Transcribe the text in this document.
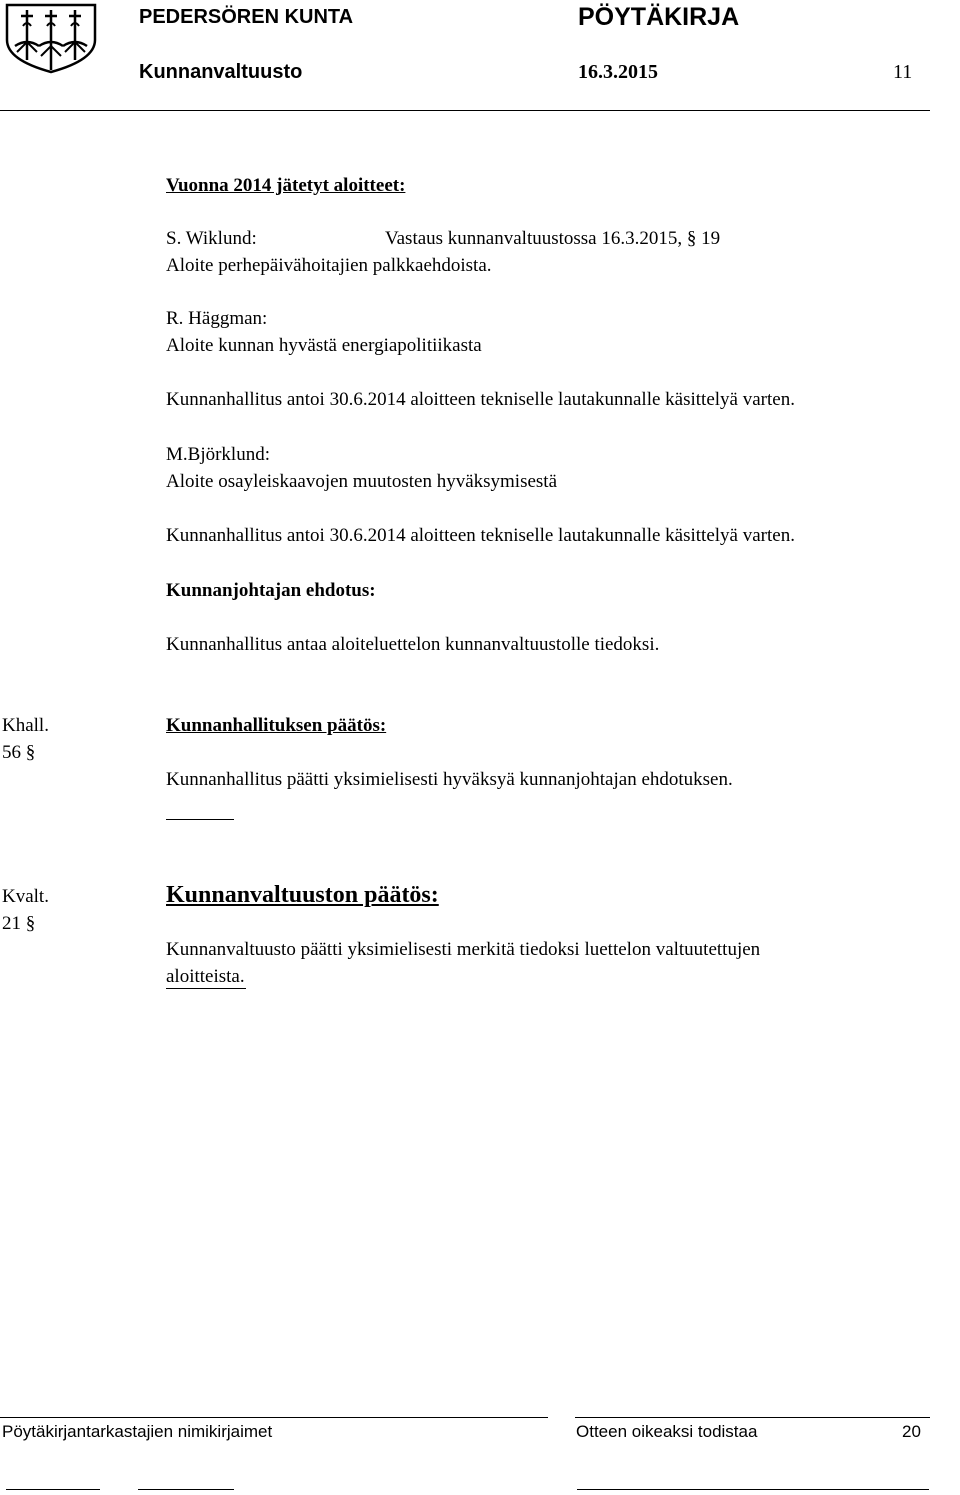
PEDERSÖREN KUNTA	PÖYTÄKIRJA
Kunnanvaltuusto	16.3.2015	11
Vuonna 2014 jätetyt aloitteet:
S. Wiklund:	Vastaus kunnanvaltuustossa 16.3.2015, § 19
Aloite perhepäivähoitajien palkkaehdoista.
R. Häggman:
Aloite kunnan hyvästä energiapolitiikasta
Kunnanhallitus antoi 30.6.2014 aloitteen tekniselle lautakunnalle käsittelyä varten.
M.Björklund:
Aloite osayleiskaavojen muutosten hyväksymisestä
Kunnanhallitus antoi 30.6.2014 aloitteen tekniselle lautakunnalle käsittelyä varten.
Kunnanjohtajan ehdotus:
Kunnanhallitus antaa aloiteluettelon kunnanvaltuustolle tiedoksi.
Khall.
56 §
Kunnanhallituksen päätös:
Kunnanhallitus päätti yksimielisesti hyväksyä kunnanjohtajan ehdotuksen.
Kvalt.
21 §
Kunnanvaltuuston päätös:
Kunnanvaltuusto päätti yksimielisesti merkitä tiedoksi luettelon valtuutettujen
aloitteista.
Pöytäkirjantarkastajien nimikirjaimet	Otteen oikeaksi todistaa	20
